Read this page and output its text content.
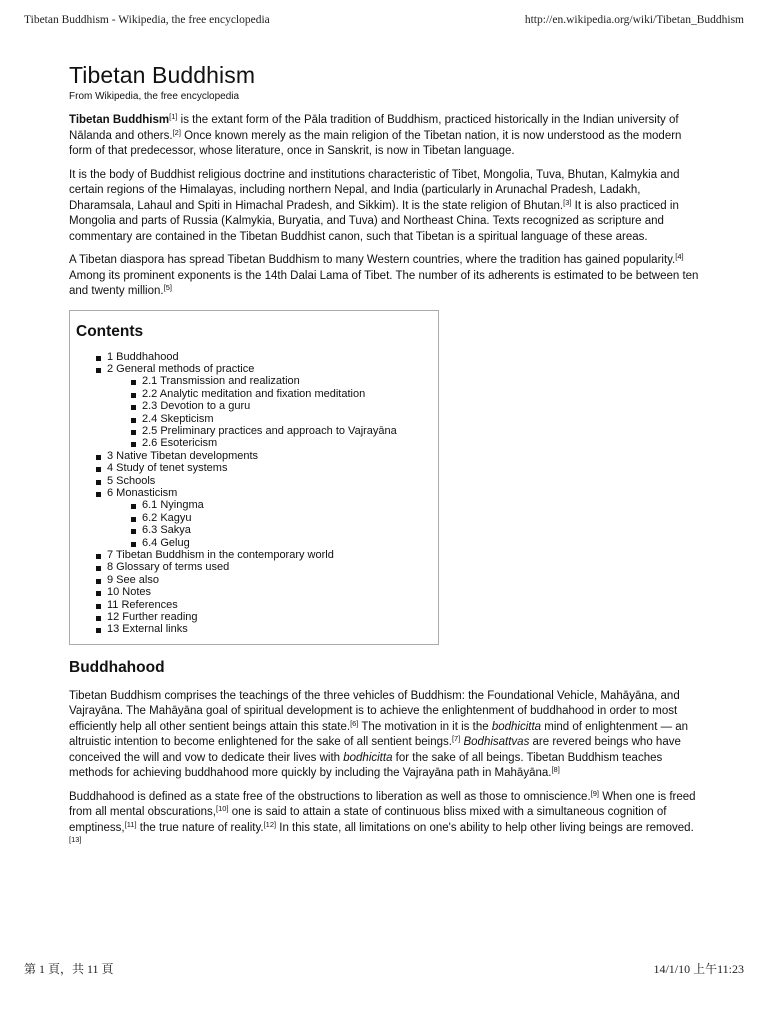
Tibetan Buddhism - Wikipedia, the free encyclopedia	http://en.wikipedia.org/wiki/Tibetan_Buddhism
Tibetan Buddhism
From Wikipedia, the free encyclopedia

Tibetan Buddhism[1] is the extant form of the Pāla tradition of Buddhism, practiced historically in the Indian university of Nālanda and others.[2] Once known merely as the main religion of the Tibetan nation, it is now understood as the modern form of that predecessor, whose literature, once in Sanskrit, is now in Tibetan language.

It is the body of Buddhist religious doctrine and institutions characteristic of Tibet, Mongolia, Tuva, Bhutan, Kalmykia and certain regions of the Himalayas, including northern Nepal, and India (particularly in Arunachal Pradesh, Ladakh, Dharamsala, Lahaul and Spiti in Himachal Pradesh, and Sikkim). It is the state religion of Bhutan.[3] It is also practiced in Mongolia and parts of Russia (Kalmykia, Buryatia, and Tuva) and Northeast China. Texts recognized as scripture and commentary are contained in the Tibetan Buddhist canon, such that Tibetan is a spiritual language of these areas.

A Tibetan diaspora has spread Tibetan Buddhism to many Western countries, where the tradition has gained popularity.[4] Among its prominent exponents is the 14th Dalai Lama of Tibet. The number of its adherents is estimated to be between ten and twenty million.[5]

Contents
1 Buddhahood
2 General methods of practice
2.1 Transmission and realization
2.2 Analytic meditation and fixation meditation
2.3 Devotion to a guru
2.4 Skepticism
2.5 Preliminary practices and approach to Vajrayāna
2.6 Esotericism
3 Native Tibetan developments
4 Study of tenet systems
5 Schools
6 Monasticism
6.1 Nyingma
6.2 Kagyu
6.3 Sakya
6.4 Gelug
7 Tibetan Buddhism in the contemporary world
8 Glossary of terms used
9 See also
10 Notes
11 References
12 Further reading
13 External links
Buddhahood

Tibetan Buddhism comprises the teachings of the three vehicles of Buddhism: the Foundational Vehicle, Mahāyāna, and Vajrayāna. The Mahāyāna goal of spiritual development is to achieve the enlightenment of buddhahood in order to most efficiently help all other sentient beings attain this state.[6] The motivation in it is the bodhicitta mind of enlightenment — an altruistic intention to become enlightened for the sake of all sentient beings.[7] Bodhisattvas are revered beings who have conceived the will and vow to dedicate their lives with bodhicitta for the sake of all beings. Tibetan Buddhism teaches methods for achieving buddhahood more quickly by including the Vajrayāna path in Mahāyāna.[8]

Buddhahood is defined as a state free of the obstructions to liberation as well as those to omniscience.[9] When one is freed from all mental obscurations,[10] one is said to attain a state of continuous bliss mixed with a simultaneous cognition of emptiness,[11] the true nature of reality.[12] In this state, all limitations on one's ability to help other living beings are removed.[13]

第 1 頁，共 11 頁	14/1/10 上午11:23
